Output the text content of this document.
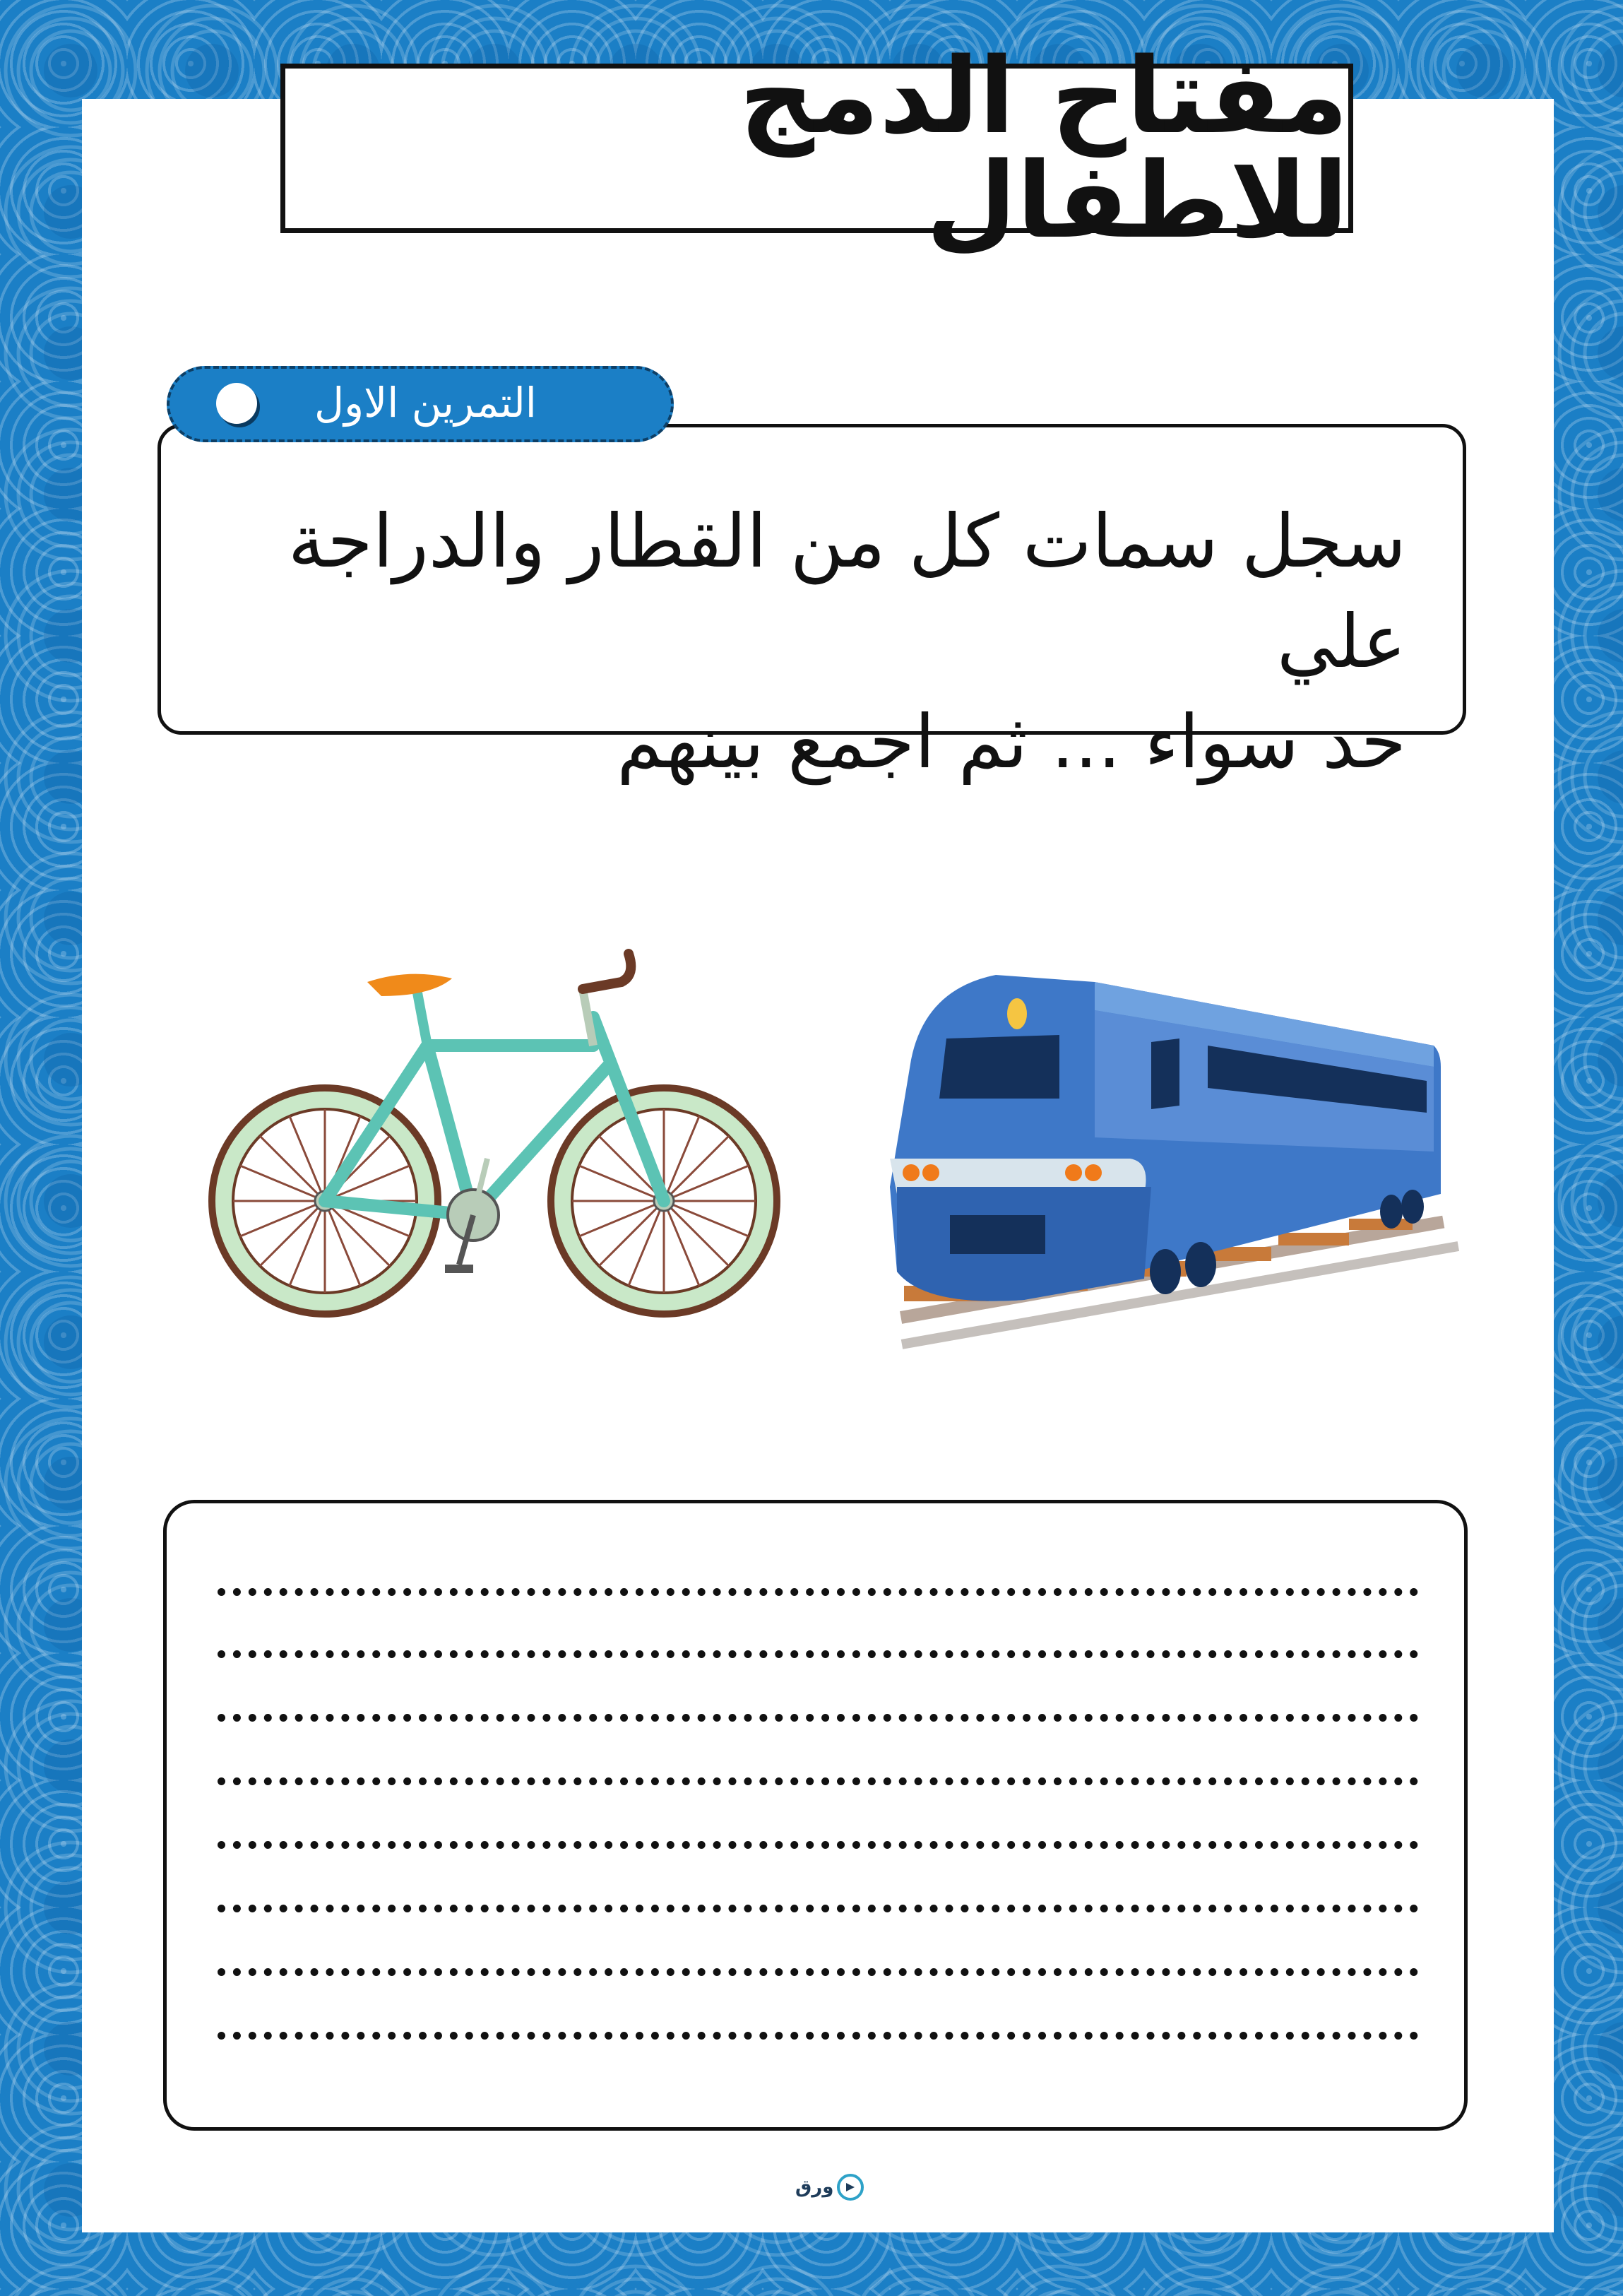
مفتاح الدمج للاطفال
سجل سمات كل من القطار والدراجة علي
حد سواء ... ثم اجمع بينهم
التمرين الاول
ورق
